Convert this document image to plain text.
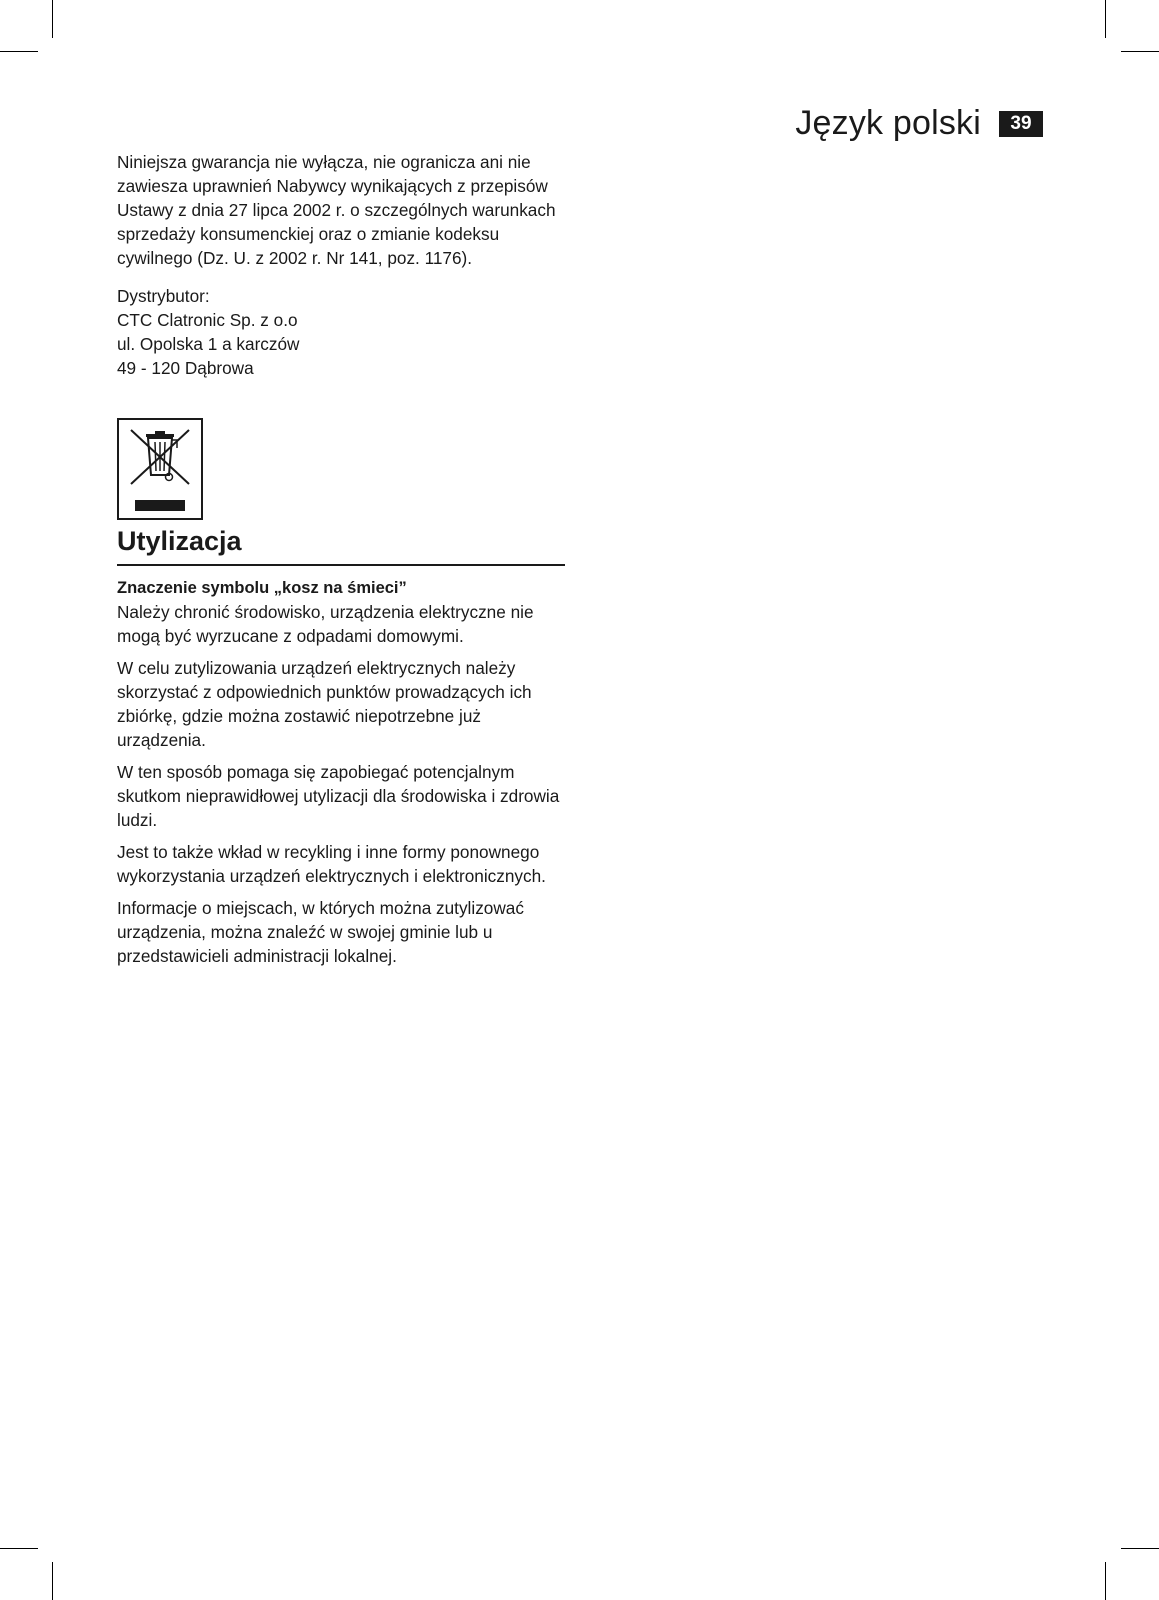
Język polski	39

Niniejsza gwarancja nie wyłącza, nie ogranicza ani nie zawiesza uprawnień Nabywcy wynikających z przepisów Ustawy z dnia 27 lipca 2002 r. o szczególnych warunkach sprzedaży konsumenckiej oraz o zmianie kodeksu cywilnego (Dz. U. z 2002 r. Nr 141, poz. 1176).

Dystrybutor:
CTC Clatronic Sp. z o.o
ul. Opolska 1 a karczów
49 - 120 Dąbrowa
Utylizacja
Znaczenie symbolu „kosz na śmieci”

Należy chronić środowisko, urządzenia elektryczne nie mogą być wyrzucane z odpadami domowymi.

W celu zutylizowania urządzeń elektrycznych należy skorzystać z odpowiednich punktów prowadzących ich zbiórkę, gdzie można zostawić niepotrzebne już urządzenia.

W ten sposób pomaga się zapobiegać potencjalnym skutkom nieprawidłowej utylizacji dla środowiska i zdrowia ludzi.

Jest to także wkład w recykling i inne formy ponownego wykorzystania urządzeń elektrycznych i elektronicznych.

Informacje o miejscach, w których można zutylizować urządzenia, można znaleźć w swojej gminie lub u przedstawicieli administracji lokalnej.
